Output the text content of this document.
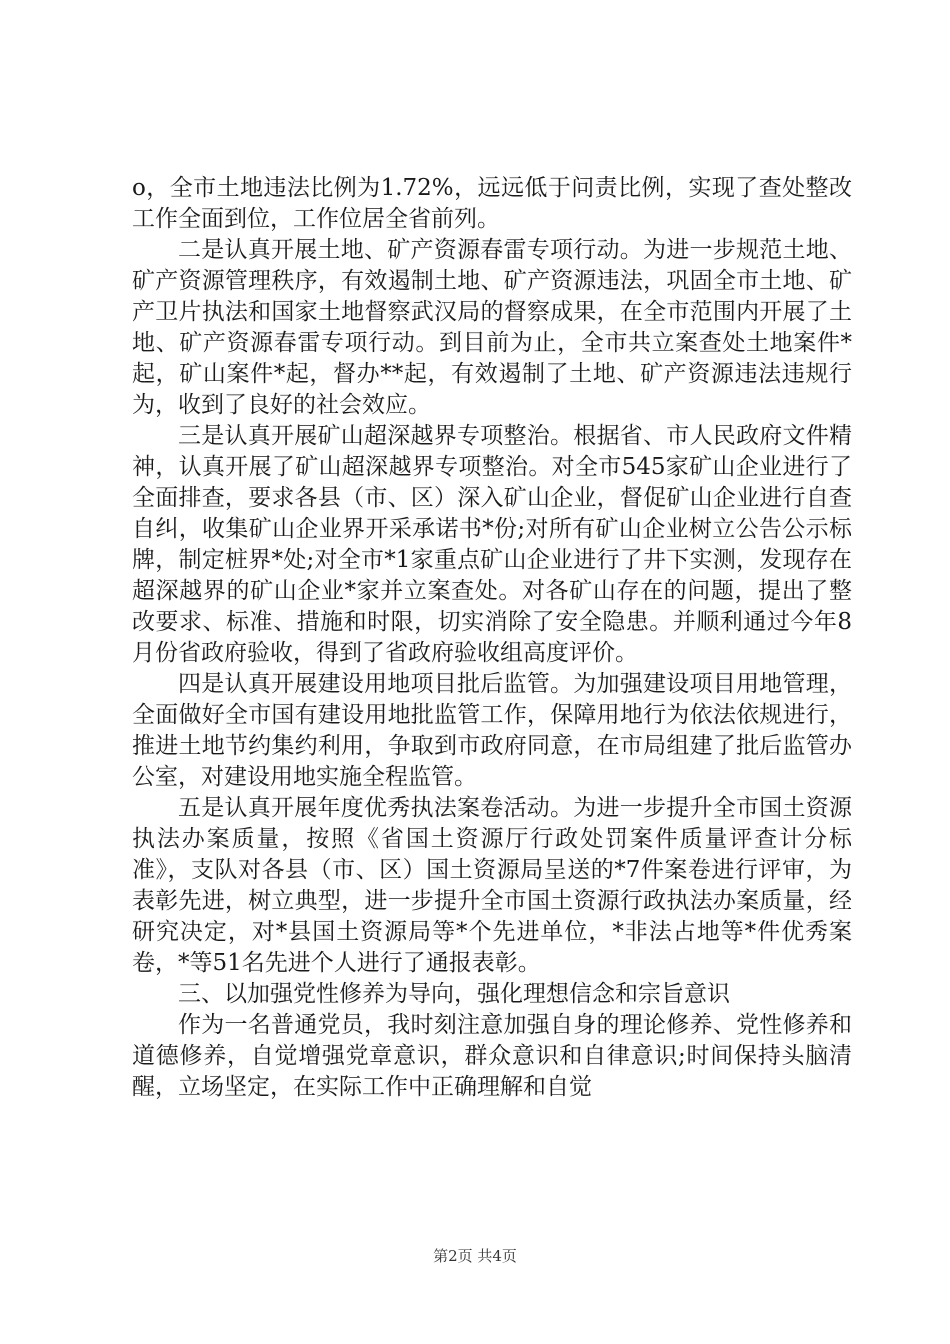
o，全市土地违法比例为1.72%，远远低于问责比例，实现了查处整改工作全面到位，工作位居全省前列。

二是认真开展土地、矿产资源春雷专项行动。为进一步规范土地、矿产资源管理秩序，有效遏制土地、矿产资源违法，巩固全市土地、矿产卫片执法和国家土地督察武汉局的督察成果，在全市范围内开展了土地、矿产资源春雷专项行动。到目前为止，全市共立案查处土地案件*起，矿山案件*起，督办**起，有效遏制了土地、矿产资源违法违规行为，收到了良好的社会效应。

三是认真开展矿山超深越界专项整治。根据省、市人民政府文件精神，认真开展了矿山超深越界专项整治。对全市545家矿山企业进行了全面排查，要求各县（市、区）深入矿山企业，督促矿山企业进行自查自纠，收集矿山企业界开采承诺书*份;对所有矿山企业树立公告公示标牌，制定桩界*处;对全市*1家重点矿山企业进行了井下实测，发现存在超深越界的矿山企业*家并立案查处。对各矿山存在的问题，提出了整改要求、标准、措施和时限，切实消除了安全隐患。并顺利通过今年8月份省政府验收，得到了省政府验收组高度评价。

四是认真开展建设用地项目批后监管。为加强建设项目用地管理，全面做好全市国有建设用地批监管工作，保障用地行为依法依规进行，推进土地节约集约利用，争取到市政府同意，在市局组建了批后监管办公室，对建设用地实施全程监管。

五是认真开展年度优秀执法案卷活动。为进一步提升全市国土资源执法办案质量，按照《省国土资源厅行政处罚案件质量评查计分标准》，支队对各县（市、区）国土资源局呈送的*7件案卷进行评审，为表彰先进，树立典型，进一步提升全市国土资源行政执法办案质量，经研究决定，对*县国土资源局等*个先进单位，*非法占地等*件优秀案卷，*等51名先进个人进行了通报表彰。

三、以加强党性修养为导向，强化理想信念和宗旨意识

作为一名普通党员，我时刻注意加强自身的理论修养、党性修养和道德修养，自觉增强党章意识，群众意识和自律意识;时间保持头脑清醒，立场坚定，在实际工作中正确理解和自觉

第2页 共4页
